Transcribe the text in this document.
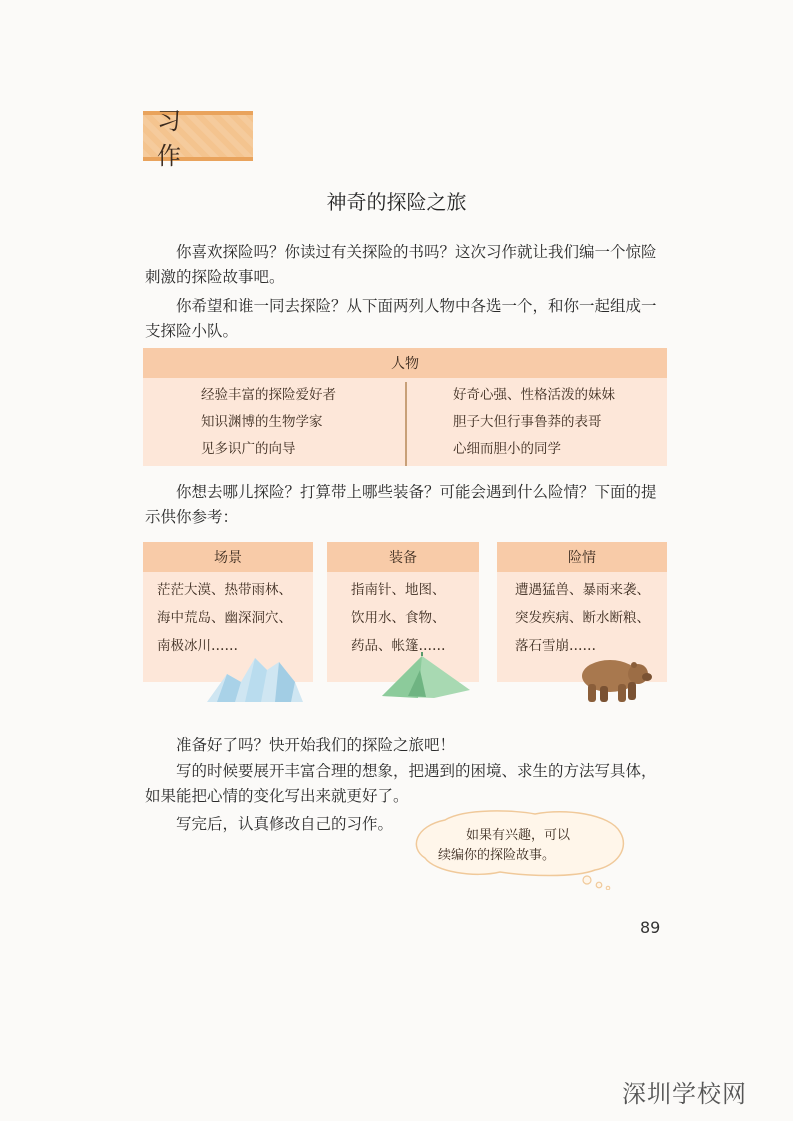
习 作
神奇的探险之旅
你喜欢探险吗？你读过有关探险的书吗？这次习作就让我们编一个惊险刺激的探险故事吧。
你希望和谁一同去探险？从下面两列人物中各选一个，和你一起组成一支探险小队。
人物
经验丰富的探险爱好者
知识渊博的生物学家
见多识广的向导
好奇心强、性格活泼的妹妹
胆子大但行事鲁莽的表哥
心细而胆小的同学
你想去哪儿探险？打算带上哪些装备？可能会遇到什么险情？下面的提示供你参考：
场景
茫茫大漠、热带雨林、
海中荒岛、幽深洞穴、
南极冰川……
装备
指南针、地图、
饮用水、食物、
药品、帐篷……
险情
遭遇猛兽、暴雨来袭、
突发疾病、断水断粮、
落石雪崩……
准备好了吗？快开始我们的探险之旅吧！
写的时候要展开丰富合理的想象，把遇到的困境、求生的方法写具体，如果能把心情的变化写出来就更好了。
写完后，认真修改自己的习作。
如果有兴趣，可以
续编你的探险故事。
89
深圳学校网
